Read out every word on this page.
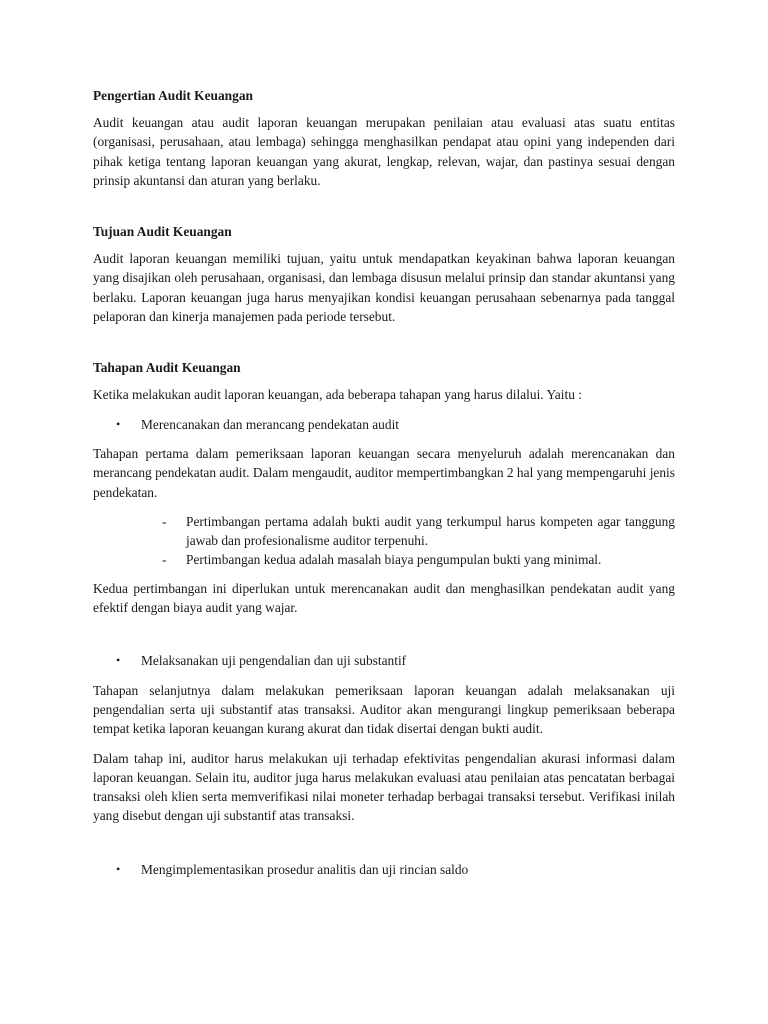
Pengertian Audit Keuangan

Audit keuangan atau audit laporan keuangan merupakan penilaian atau evaluasi atas suatu entitas (organisasi, perusahaan, atau lembaga) sehingga menghasilkan pendapat atau opini yang independen dari pihak ketiga tentang laporan keuangan yang akurat, lengkap, relevan, wajar, dan pastinya sesuai dengan prinsip akuntansi dan aturan yang berlaku.

Tujuan Audit Keuangan

Audit laporan keuangan memiliki tujuan, yaitu untuk mendapatkan keyakinan bahwa laporan keuangan yang disajikan oleh perusahaan, organisasi, dan lembaga disusun melalui prinsip dan standar akuntansi yang berlaku. Laporan keuangan juga harus menyajikan kondisi keuangan perusahaan sebenarnya pada tanggal pelaporan dan kinerja manajemen pada periode tersebut.

Tahapan Audit Keuangan

Ketika melakukan audit laporan keuangan, ada beberapa tahapan yang harus dilalui. Yaitu :

• Merencanakan dan merancang pendekatan audit

Tahapan pertama dalam pemeriksaan laporan keuangan secara menyeluruh adalah merencanakan dan merancang pendekatan audit. Dalam mengaudit, auditor mempertimbangkan 2 hal yang mempengaruhi jenis pendekatan.

- Pertimbangan pertama adalah bukti audit yang terkumpul harus kompeten agar tanggung jawab dan profesionalisme auditor terpenuhi.
- Pertimbangan kedua adalah masalah biaya pengumpulan bukti yang minimal.

Kedua pertimbangan ini diperlukan untuk merencanakan audit dan menghasilkan pendekatan audit yang efektif dengan biaya audit yang wajar.

• Melaksanakan uji pengendalian dan uji substantif

Tahapan selanjutnya dalam melakukan pemeriksaan laporan keuangan adalah melaksanakan uji pengendalian serta uji substantif atas transaksi. Auditor akan mengurangi lingkup pemeriksaan beberapa tempat ketika laporan keuangan kurang akurat dan tidak disertai dengan bukti audit.

Dalam tahap ini, auditor harus melakukan uji terhadap efektivitas pengendalian akurasi informasi dalam laporan keuangan. Selain itu, auditor juga harus melakukan evaluasi atau penilaian atas pencatatan berbagai transaksi oleh klien serta memverifikasi nilai moneter terhadap berbagai transaksi tersebut. Verifikasi inilah yang disebut dengan uji substantif atas transaksi.

• Mengimplementasikan prosedur analitis dan uji rincian saldo
